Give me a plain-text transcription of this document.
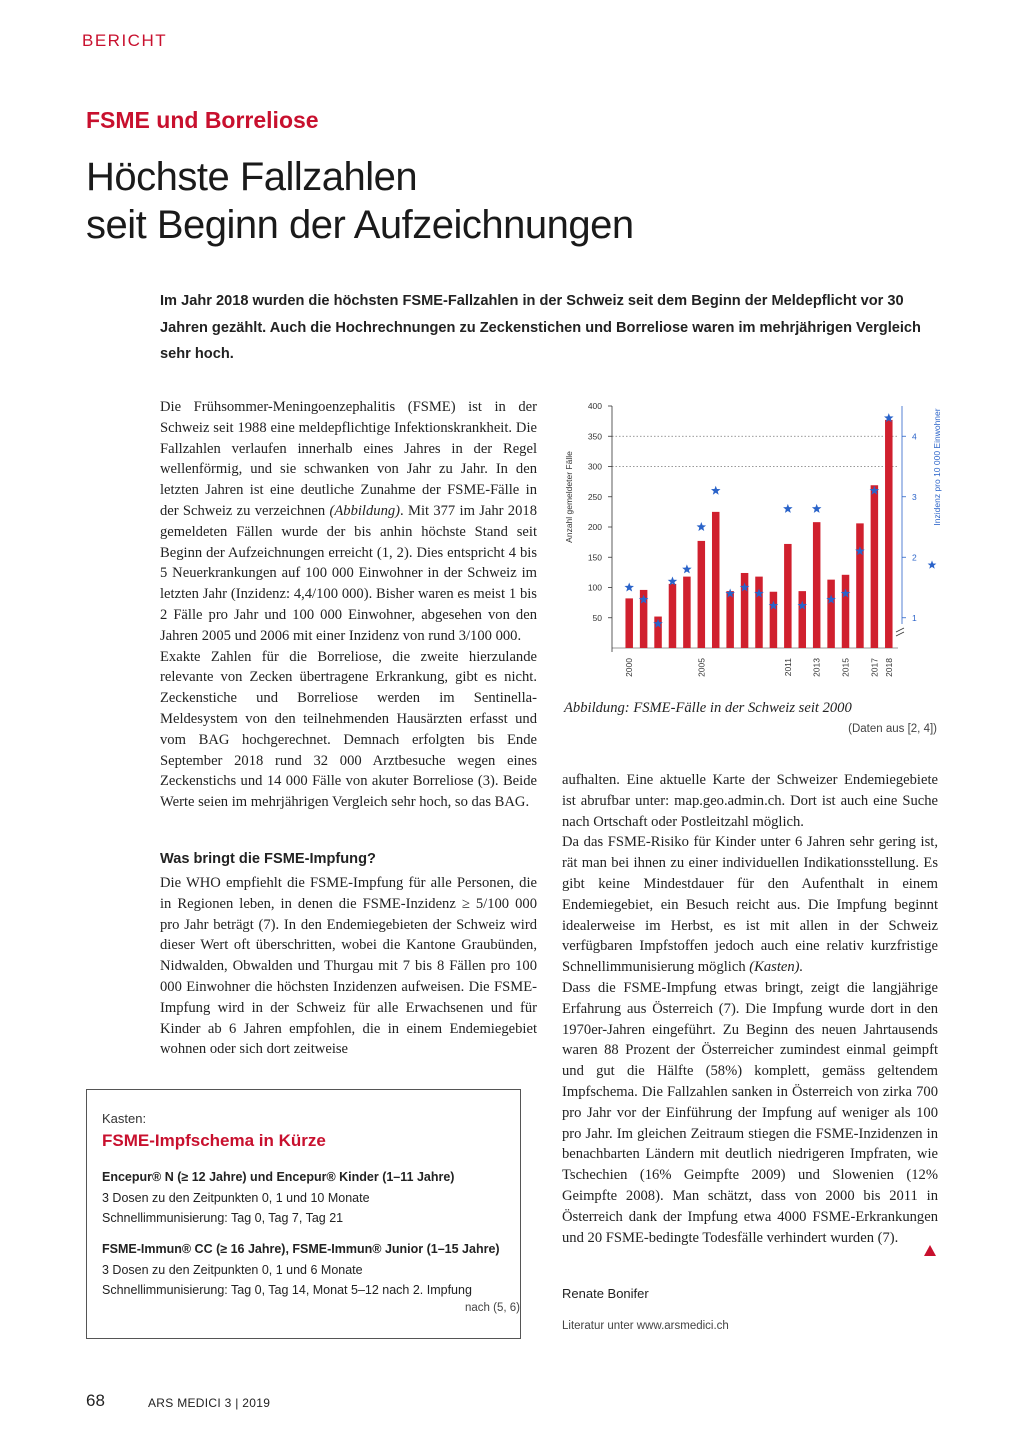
BERICHT
FSME und Borreliose
Höchste Fallzahlen
seit Beginn der Aufzeichnungen
Im Jahr 2018 wurden die höchsten FSME-Fallzahlen in der Schweiz seit dem Beginn der Meldepflicht vor 30 Jahren gezählt. Auch die Hochrechnungen zu Zeckenstichen und Borreliose waren im mehrjährigen Vergleich sehr hoch.

Die Frühsommer-Meningoenzephalitis (FSME) ist in der Schweiz seit 1988 eine meldepflichtige Infektionskrankheit. Die Fallzahlen verlaufen innerhalb eines Jahres in der Regel wellenförmig, und sie schwanken von Jahr zu Jahr. In den letzten Jahren ist eine deutliche Zunahme der FSME-Fälle in der Schweiz zu verzeichnen (Abbildung). Mit 377 im Jahr 2018 gemeldeten Fällen wurde der bis anhin höchste Stand seit Beginn der Aufzeichnungen erreicht (1, 2). Dies entspricht 4 bis 5 Neuerkrankungen auf 100 000 Einwohner in der Schweiz im letzten Jahr (Inzidenz: 4,4/100 000). Bisher waren es meist 1 bis 2 Fälle pro Jahr und 100 000 Einwohner, abgesehen von den Jahren 2005 und 2006 mit einer Inzidenz von rund 3/100 000.

Exakte Zahlen für die Borreliose, die zweite hierzulande relevante von Zecken übertragene Erkrankung, gibt es nicht. Zeckenstiche und Borreliose werden im Sentinella-Meldesystem von den teilnehmenden Hausärzten erfasst und vom BAG hochgerechnet. Demnach erfolgten bis Ende September 2018 rund 32 000 Arztbesuche wegen eines Zeckenstichs und 14 000 Fälle von akuter Borreliose (3). Beide Werte seien im mehrjährigen Vergleich sehr hoch, so das BAG.

Was bringt die FSME-Impfung?

Die WHO empfiehlt die FSME-Impfung für alle Personen, die in Regionen leben, in denen die FSME-Inzidenz ≥ 5/100 000 pro Jahr beträgt (7). In den Endemiegebieten der Schweiz wird dieser Wert oft überschritten, wobei die Kantone Graubünden, Nidwalden, Obwalden und Thurgau mit 7 bis 8 Fällen pro 100 000 Einwohner die höchsten Inzidenzen aufweisen. Die FSME-Impfung wird in der Schweiz für alle Erwachsenen und für Kinder ab 6 Jahren empfohlen, die in einem Endemiegebiet wohnen oder sich dort zeitweise

50
100
150
200
250
300
350
400
Anzahl gemeldeter Fälle
1
2
3
4 Inzidenz pro 10 000 Einwohner
2000	2005	2011 2013 2015 2017 2018
Abbildung: FSME-Fälle in der Schweiz seit 2000
(Daten aus [2, 4])

aufhalten. Eine aktuelle Karte der Schweizer Endemiegebiete ist abrufbar unter: map.geo.admin.ch. Dort ist auch eine Suche nach Ortschaft oder Postleitzahl möglich.

Da das FSME-Risiko für Kinder unter 6 Jahren sehr gering ist, rät man bei ihnen zu einer individuellen Indikationsstellung. Es gibt keine Mindestdauer für den Aufenthalt in einem Endemiegebiet, ein Besuch reicht aus. Die Impfung beginnt idealerweise im Herbst, es ist mit allen in der Schweiz verfügbaren Impfstoffen jedoch auch eine relativ kurzfristige Schnellimmunisierung möglich (Kasten).

Dass die FSME-Impfung etwas bringt, zeigt die langjährige Erfahrung aus Österreich (7). Die Impfung wurde dort in den 1970er-Jahren eingeführt. Zu Beginn des neuen Jahrtausends waren 88 Prozent der Österreicher zumindest einmal geimpft und gut die Hälfte (58%) komplett, gemäss geltendem Impfschema. Die Fallzahlen sanken in Österreich von zirka 700 pro Jahr vor der Einführung der Impfung auf weniger als 100 pro Jahr. Im gleichen Zeitraum stiegen die FSME-Inzidenzen in benachbarten Ländern mit deutlich niedrigeren Impfraten, wie Tschechien (16% Geimpfte 2009) und Slowenien (12% Geimpfte 2008). Man schätzt, dass von 2000 bis 2011 in Österreich dank der Impfung etwa 4000 FSME-Erkrankungen und 20 FSME-bedingte Todesfälle verhindert wurden (7).

Kasten:
FSME-Impfschema in Kürze
Encepur® N (≥ 12 Jahre) und Encepur® Kinder (1–11 Jahre)
3 Dosen zu den Zeitpunkten 0, 1 und 10 Monate
Schnellimmunisierung: Tag 0, Tag 7, Tag 21
FSME-Immun® CC (≥ 16 Jahre), FSME-Immun® Junior (1–15 Jahre)
3 Dosen zu den Zeitpunkten 0, 1 und 6 Monate
Schnellimmunisierung: Tag 0, Tag 14, Monat 5–12 nach 2. Impfung
nach (5, 6)
Renate Bonifer
Literatur unter www.arsmedici.ch
68	ARS MEDICI 3 | 2019
